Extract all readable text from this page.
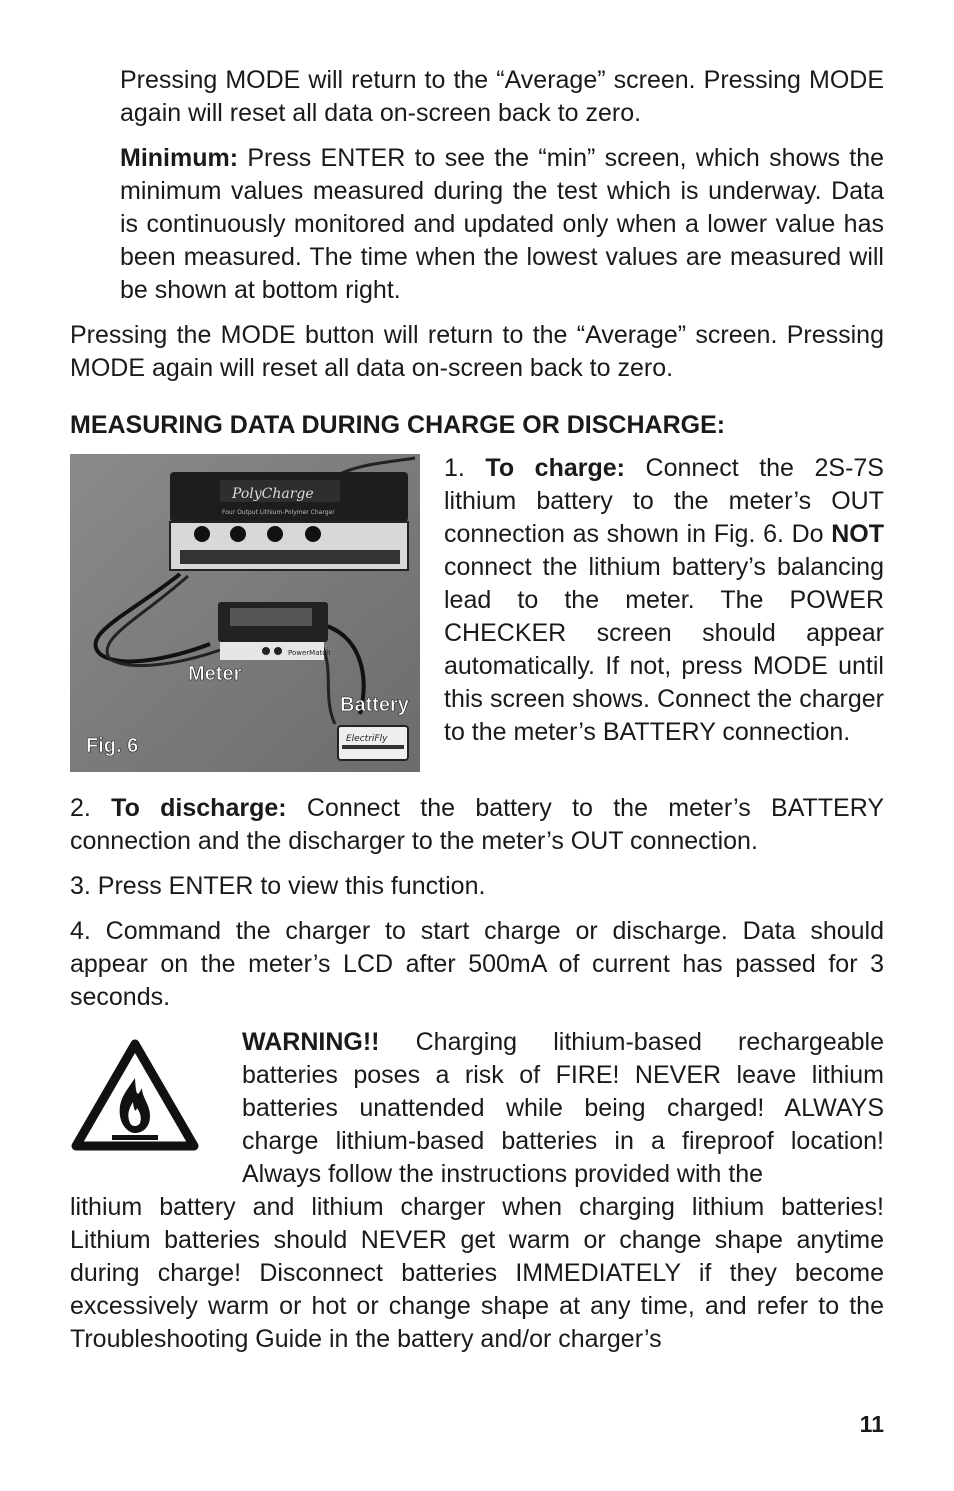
Pressing MODE will return to the “Average” screen. Pressing MODE again will reset all data on-screen back to zero.

Minimum: Press ENTER to see the “min” screen, which shows the minimum values measured during the test which is underway. Data is continuously monitored and updated only when a lower value has been measured. The time when the lowest values are measured will be shown at bottom right.

Pressing the MODE button will return to the “Average” screen. Pressing MODE again will reset all data on-screen back to zero.

MEASURING DATA DURING CHARGE OR DISCHARGE:

PolyCharge
Four Output Lithium-Polymer Charger
PowerMatch
ElectriFly
Meter
Battery
Fig. 6

1. To charge: Connect the 2S-7S lithium battery to the meter’s OUT connection as shown in Fig. 6. Do NOT connect the lithium battery’s balancing lead to the meter. The POWER CHECKER screen should appear automatically. If not, press MODE until this screen shows. Connect the charger to the meter’s BATTERY connection.

2. To discharge: Connect the battery to the meter’s BATTERY connection and the discharger to the meter’s OUT connection.

3. Press ENTER to view this function.

4. Command the charger to start charge or discharge. Data should appear on the meter’s LCD after 500mA of current has passed for 3 seconds.

WARNING!! Charging lithium-based rechargeable batteries poses a risk of FIRE! NEVER leave lithium batteries unattended while being charged! ALWAYS charge lithium-based batteries in a fireproof location! Always follow the instructions provided with the

lithium battery and lithium charger when charging lithium batteries! Lithium batteries should NEVER get warm or change shape anytime during charge! Disconnect batteries IMMEDIATELY if they become excessively warm or hot or change shape at any time, and refer to the Troubleshooting Guide in the battery and/or charger’s

11
